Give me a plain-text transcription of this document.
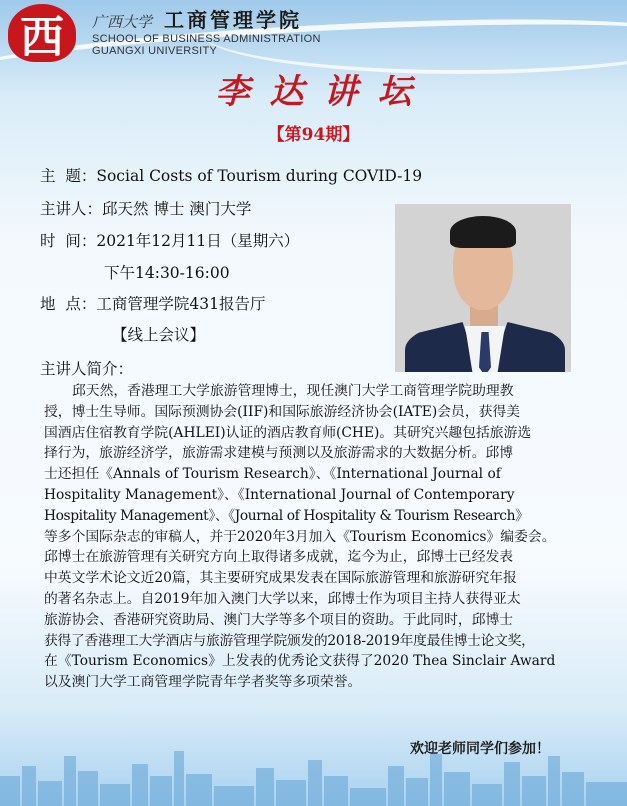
西	广西大学 工商管理学院
SCHOOL OF BUSINESS ADMINISTRATION
GUANGXI UNIVERSITY
李达讲坛
【第94期】
主  题：Social Costs of Tourism during COVID-19
主讲人：邱天然 博士 澳门大学
时  间：2021年12月11日（星期六）
下午14:30-16:00
地  点：工商管理学院431报告厅
【线上会议】
主讲人简介：
邱天然，香港理工大学旅游管理博士，现任澳门大学工商管理学院助理教
授，博士生导师。国际预测协会(IIF)和国际旅游经济协会(IATE)会员，获得美
国酒店住宿教育学院(AHLEI)认证的酒店教育师(CHE)。其研究兴趣包括旅游选
择行为，旅游经济学，旅游需求建模与预测以及旅游需求的大数据分析。邱博
士还担任《Annals of Tourism Research》、《International Journal of
Hospitality Management》、《International Journal of Contemporary
Hospitality Management》、《Journal of Hospitality & Tourism Research》
等多个国际杂志的审稿人，并于2020年3月加入《Tourism Economics》编委会。
邱博士在旅游管理有关研究方向上取得诸多成就，迄今为止，邱博士已经发表
中英文学术论文近20篇，其主要研究成果发表在国际旅游管理和旅游研究年报
的著名杂志上。自2019年加入澳门大学以来，邱博士作为项目主持人获得亚太
旅游协会、香港研究资助局、澳门大学等多个项目的资助。于此同时，邱博士
获得了香港理工大学酒店与旅游管理学院颁发的2018-2019年度最佳博士论文奖，
在《Tourism Economics》上发表的优秀论文获得了2020 Thea Sinclair Award
以及澳门大学工商管理学院青年学者奖等多项荣誉。
欢迎老师同学们参加！
